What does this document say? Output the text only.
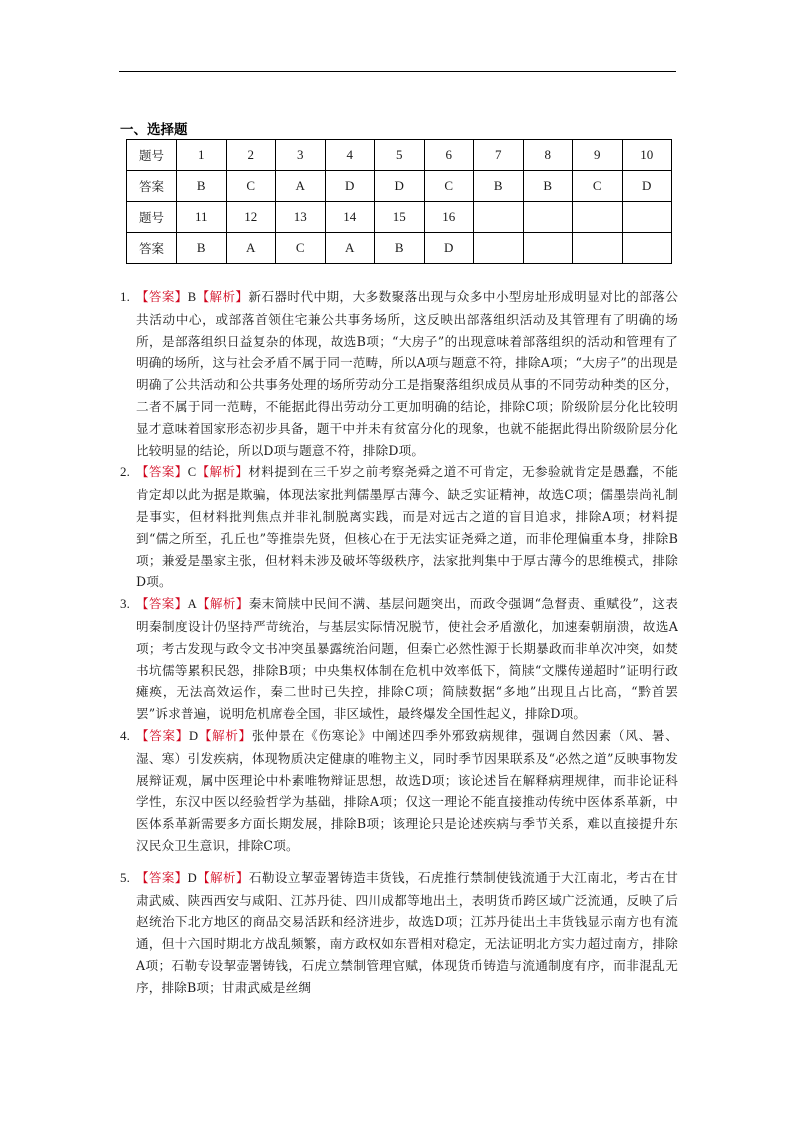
一、选择题
题号	1	2	3	4	5	6	7	8	9	10
答案	B	C	A	D	D	C	B	B	C	D
题号	11	12	13	14	15	16				
答案	B	A	C	A	B	D				
1. 【答案】B【解析】新石器时代中期，大多数聚落出现与众多中小型房址形成明显对比的部落公共活动中心，或部落首领住宅兼公共事务场所，这反映出部落组织活动及其管理有了明确的场所，是部落组织日益复杂的体现，故选B项；“大房子”的出现意味着部落组织的活动和管理有了明确的场所，这与社会矛盾不属于同一范畴，所以A项与题意不符，排除A项；“大房子”的出现是明确了公共活动和公共事务处理的场所劳动分工是指聚落组织成员从事的不同劳动种类的区分，二者不属于同一范畴，不能据此得出劳动分工更加明确的结论，排除C项；阶级阶层分化比较明显才意味着国家形态初步具备，题干中并未有贫富分化的现象，也就不能据此得出阶级阶层分化比较明显的结论，所以D项与题意不符，排除D项。
2. 【答案】C【解析】材料提到在三千岁之前考察尧舜之道不可肯定，无参验就肯定是愚蠢，不能肯定却以此为据是欺骗，体现法家批判儒墨厚古薄今、缺乏实证精神，故选C项；儒墨崇尚礼制是事实，但材料批判焦点并非礼制脱离实践，而是对远古之道的盲目追求，排除A项；材料提到“儒之所至，孔丘也”等推崇先贤，但核心在于无法实证尧舜之道，而非伦理偏重本身，排除B项；兼爱是墨家主张，但材料未涉及破坏等级秩序，法家批判集中于厚古薄今的思维模式，排除D项。
3. 【答案】A【解析】秦末简牍中民间不满、基层问题突出，而政令强调“急督责、重赋役”，这表明秦制度设计仍坚持严苛统治，与基层实际情况脱节，使社会矛盾激化，加速秦朝崩溃，故选A项；考古发现与政令文书冲突虽暴露统治问题，但秦亡必然性源于长期暴政而非单次冲突，如焚书坑儒等累积民怨，排除B项；中央集权体制在危机中效率低下，简牍“文牒传递超时”证明行政瘫痪，无法高效运作，秦二世时已失控，排除C项；简牍数据“多地”出现且占比高，“黔首罢罢”诉求普遍，说明危机席卷全国，非区域性，最终爆发全国性起义，排除D项。
4. 【答案】D【解析】张仲景在《伤寒论》中阐述四季外邪致病规律，强调自然因素（风、暑、湿、寒）引发疾病，体现物质决定健康的唯物主义，同时季节因果联系及“必然之道”反映事物发展辩证观，属中医理论中朴素唯物辩证思想，故选D项；该论述旨在解释病理规律，而非论证科学性，东汉中医以经验哲学为基础，排除A项；仅这一理论不能直接推动传统中医体系革新，中医体系革新需要多方面长期发展，排除B项；该理论只是论述疾病与季节关系，难以直接提升东汉民众卫生意识，排除C项。
5. 【答案】D【解析】石勒设立挈壶署铸造丰货钱，石虎推行禁制使钱流通于大江南北，考古在甘肃武威、陕西西安与咸阳、江苏丹徒、四川成都等地出土，表明货币跨区域广泛流通，反映了后赵统治下北方地区的商品交易活跃和经济进步，故选D项；江苏丹徒出土丰货钱显示南方也有流通，但十六国时期北方战乱频繁，南方政权如东晋相对稳定，无法证明北方实力超过南方，排除A项；石勒专设挈壶署铸钱，石虎立禁制管理官赋，体现货币铸造与流通制度有序，而非混乱无序，排除B项；甘肃武威是丝绸
